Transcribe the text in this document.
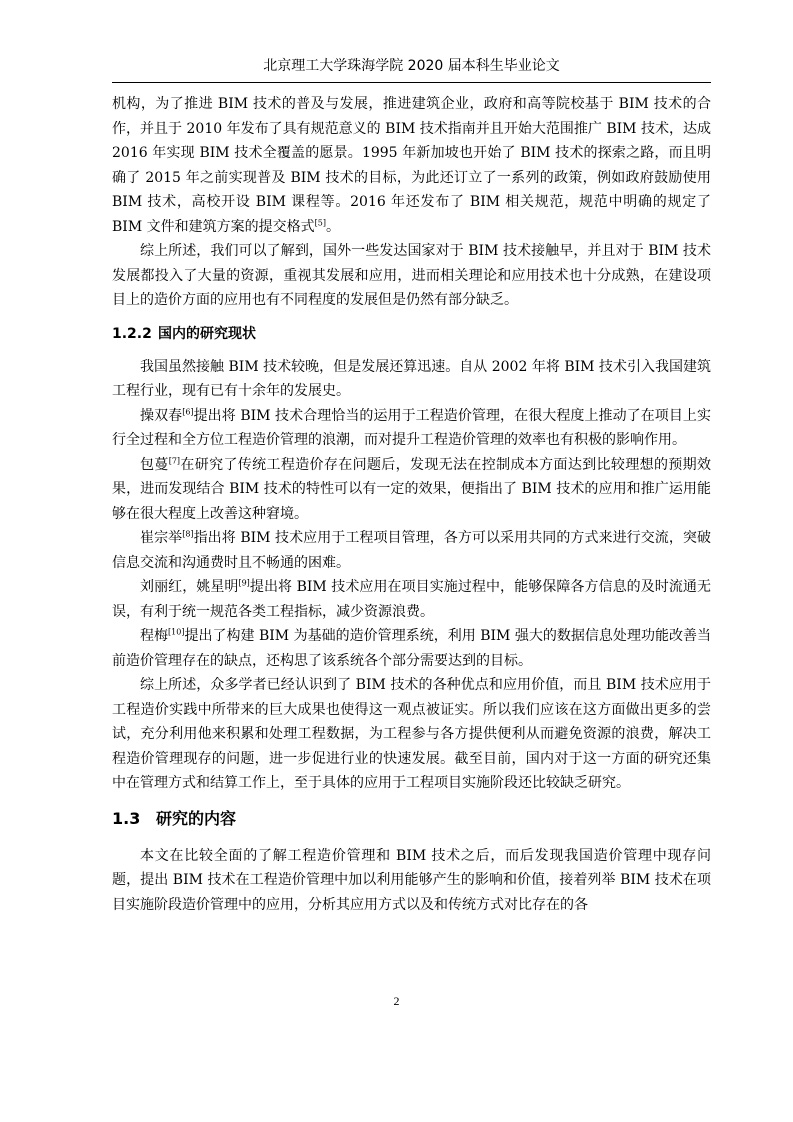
北京理工大学珠海学院 2020 届本科生毕业论文

机构，为了推进 BIM 技术的普及与发展，推进建筑企业，政府和高等院校基于 BIM 技术的合作，并且于 2010 年发布了具有规范意义的 BIM 技术指南并且开始大范围推广 BIM 技术，达成 2016 年实现 BIM 技术全覆盖的愿景。1995 年新加坡也开始了 BIM 技术的探索之路，而且明确了 2015 年之前实现普及 BIM 技术的目标，为此还订立了一系列的政策，例如政府鼓励使用 BIM 技术，高校开设 BIM 课程等。2016 年还发布了 BIM 相关规范，规范中明确的规定了 BIM 文件和建筑方案的提交格式[5]。

综上所述，我们可以了解到，国外一些发达国家对于 BIM 技术接触早，并且对于 BIM 技术发展都投入了大量的资源，重视其发展和应用，进而相关理论和应用技术也十分成熟，在建设项目上的造价方面的应用也有不同程度的发展但是仍然有部分缺乏。

1.2.2 国内的研究现状

我国虽然接触 BIM 技术较晚，但是发展还算迅速。自从 2002 年将 BIM 技术引入我国建筑工程行业，现有已有十余年的发展史。

操双春[6]提出将 BIM 技术合理恰当的运用于工程造价管理，在很大程度上推动了在项目上实行全过程和全方位工程造价管理的浪潮，而对提升工程造价管理的效率也有积极的影响作用。

包蔓[7]在研究了传统工程造价存在问题后，发现无法在控制成本方面达到比较理想的预期效果，进而发现结合 BIM 技术的特性可以有一定的效果，便指出了 BIM 技术的应用和推广运用能够在很大程度上改善这种窘境。

崔宗举[8]指出将 BIM 技术应用于工程项目管理，各方可以采用共同的方式来进行交流，突破信息交流和沟通费时且不畅通的困难。

刘丽红，姚星明[9]提出将 BIM 技术应用在项目实施过程中，能够保障各方信息的及时流通无误，有利于统一规范各类工程指标，减少资源浪费。

程梅[10]提出了构建 BIM 为基础的造价管理系统，利用 BIM 强大的数据信息处理功能改善当前造价管理存在的缺点，还构思了该系统各个部分需要达到的目标。

综上所述，众多学者已经认识到了 BIM 技术的各种优点和应用价值，而且 BIM 技术应用于工程造价实践中所带来的巨大成果也使得这一观点被证实。所以我们应该在这方面做出更多的尝试，充分利用他来积累和处理工程数据，为工程参与各方提供便利从而避免资源的浪费，解决工程造价管理现存的问题，进一步促进行业的快速发展。截至目前，国内对于这一方面的研究还集中在管理方式和结算工作上，至于具体的应用于工程项目实施阶段还比较缺乏研究。

1.3 研究的内容

本文在比较全面的了解工程造价管理和 BIM 技术之后，而后发现我国造价管理中现存问题，提出 BIM 技术在工程造价管理中加以利用能够产生的影响和价值，接着列举 BIM 技术在项目实施阶段造价管理中的应用，分析其应用方式以及和传统方式对比存在的各

2
